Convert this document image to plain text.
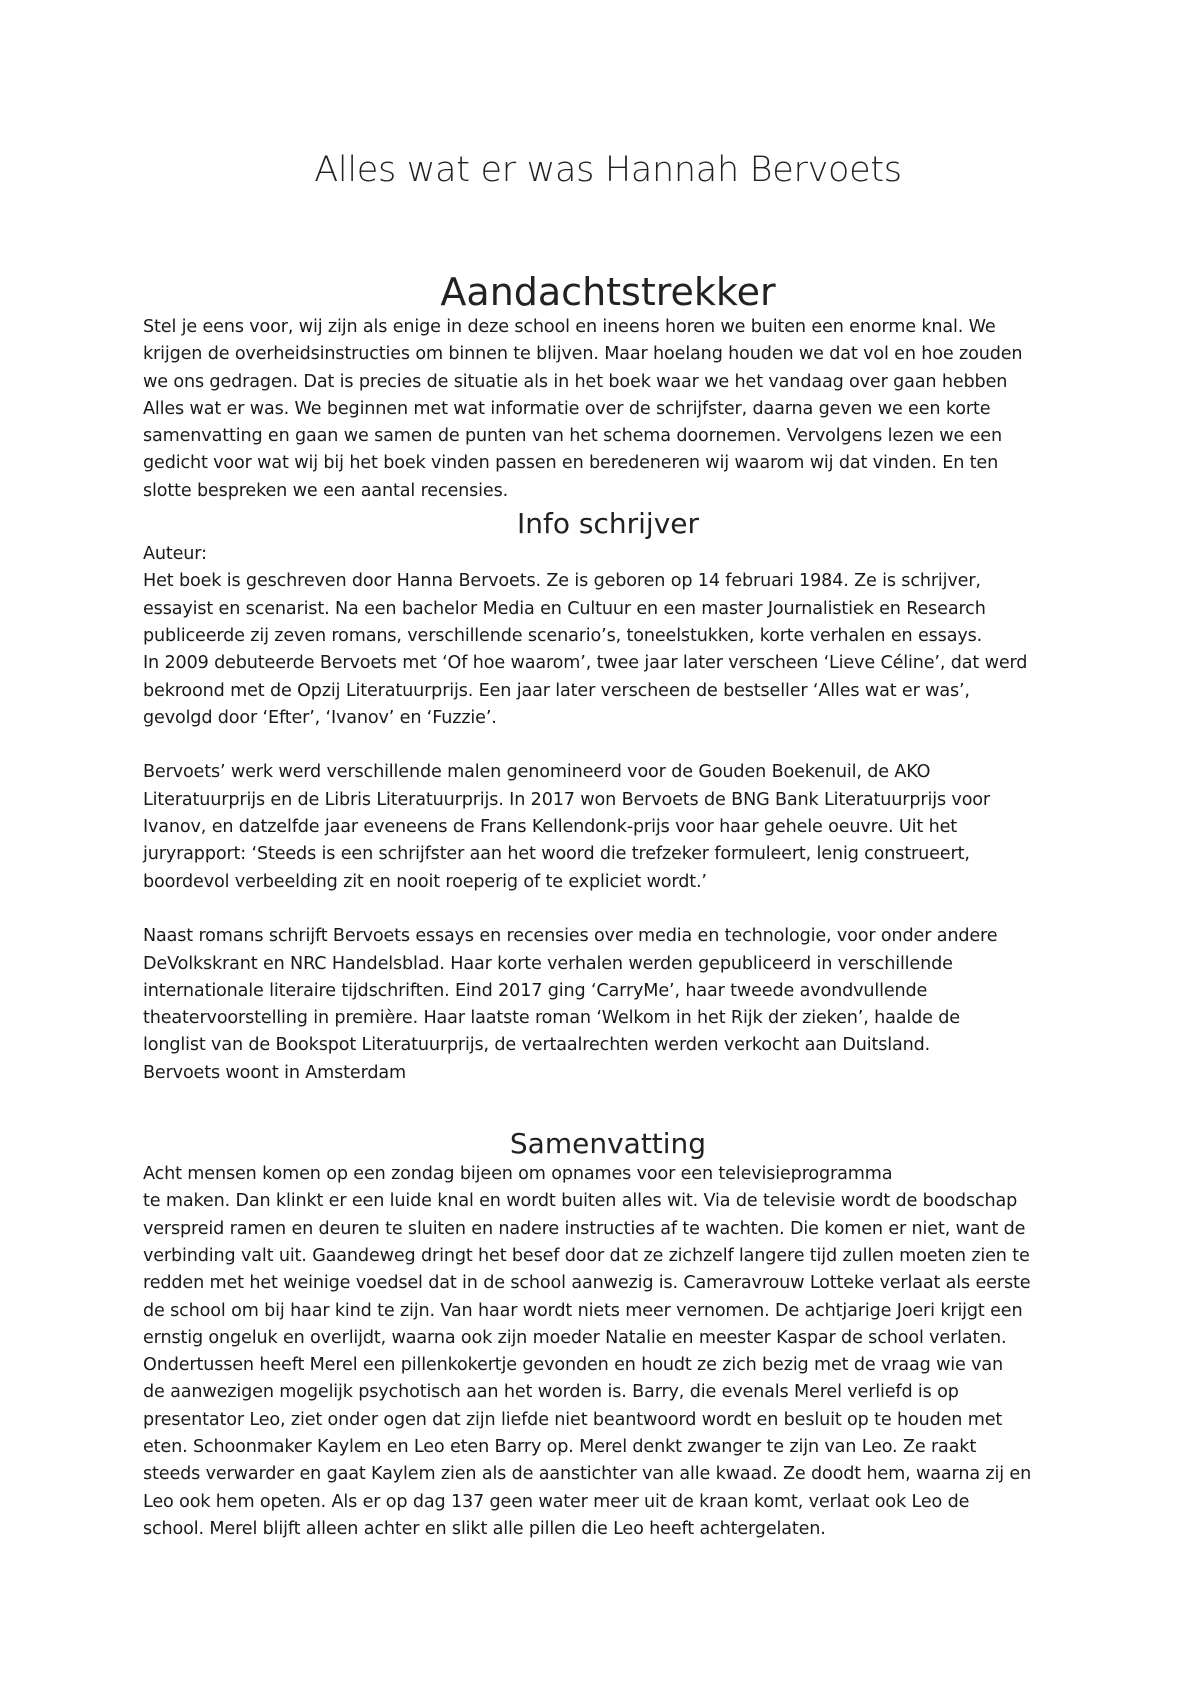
Alles wat er was Hannah Bervoets
Aandachtstrekker

Stel je eens voor, wij zijn als enige in deze school en ineens horen we buiten een enorme knal. We
krijgen de overheidsinstructies om binnen te blijven. Maar hoelang houden we dat vol en hoe zouden
we ons gedragen. Dat is precies de situatie als in het boek waar we het vandaag over gaan hebben
Alles wat er was. We beginnen met wat informatie over de schrijfster, daarna geven we een korte
samenvatting en gaan we samen de punten van het schema doornemen. Vervolgens lezen we een
gedicht voor wat wij bij het boek vinden passen en beredeneren wij waarom wij dat vinden. En ten
slotte bespreken we een aantal recensies.

Info schrijver

Auteur:
Het boek is geschreven door Hanna Bervoets. Ze is geboren op 14 februari 1984. Ze is schrijver,
essayist en scenarist. Na een bachelor Media en Cultuur en een master Journalistiek en Research
publiceerde zij zeven romans, verschillende scenario’s, toneelstukken, korte verhalen en essays.
In 2009 debuteerde Bervoets met ‘Of hoe waarom’, twee jaar later verscheen ‘Lieve Céline’, dat werd
bekroond met de Opzij Literatuurprijs. Een jaar later verscheen de bestseller ‘Alles wat er was’,
gevolgd door ‘Efter’, ‘Ivanov’ en ‘Fuzzie’.

Bervoets’ werk werd verschillende malen genomineerd voor de Gouden Boekenuil, de AKO
Literatuurprijs en de Libris Literatuurprijs. In 2017 won Bervoets de BNG Bank Literatuurprijs voor
Ivanov, en datzelfde jaar eveneens de Frans Kellendonk-prijs voor haar gehele oeuvre. Uit het
juryrapport: ‘Steeds is een schrijfster aan het woord die trefzeker formuleert, lenig construeert,
boordevol verbeelding zit en nooit roeperig of te expliciet wordt.’

Naast romans schrijft Bervoets essays en recensies over media en technologie, voor onder andere
DeVolkskrant en NRC Handelsblad. Haar korte verhalen werden gepubliceerd in verschillende
internationale literaire tijdschriften. Eind 2017 ging ‘CarryMe’, haar tweede avondvullende
theatervoorstelling in première. Haar laatste roman ‘Welkom in het Rijk der zieken’, haalde de
longlist van de Bookspot Literatuurprijs, de vertaalrechten werden verkocht aan Duitsland.
Bervoets woont in Amsterdam

Samenvatting

Acht mensen komen op een zondag bijeen om opnames voor een televisieprogramma
te maken. Dan klinkt er een luide knal en wordt buiten alles wit. Via de televisie wordt de boodschap
verspreid ramen en deuren te sluiten en nadere instructies af te wachten. Die komen er niet, want de
verbinding valt uit. Gaandeweg dringt het besef door dat ze zichzelf langere tijd zullen moeten zien te
redden met het weinige voedsel dat in de school aanwezig is. Cameravrouw Lotteke verlaat als eerste
de school om bij haar kind te zijn. Van haar wordt niets meer vernomen. De achtjarige Joeri krijgt een
ernstig ongeluk en overlijdt, waarna ook zijn moeder Natalie en meester Kaspar de school verlaten.
Ondertussen heeft Merel een pillenkokertje gevonden en houdt ze zich bezig met de vraag wie van
de aanwezigen mogelijk psychotisch aan het worden is. Barry, die evenals Merel verliefd is op
presentator Leo, ziet onder ogen dat zijn liefde niet beantwoord wordt en besluit op te houden met
eten. Schoonmaker Kaylem en Leo eten Barry op. Merel denkt zwanger te zijn van Leo. Ze raakt
steeds verwarder en gaat Kaylem zien als de aanstichter van alle kwaad. Ze doodt hem, waarna zij en
Leo ook hem opeten. Als er op dag 137 geen water meer uit de kraan komt, verlaat ook Leo de
school. Merel blijft alleen achter en slikt alle pillen die Leo heeft achtergelaten.
